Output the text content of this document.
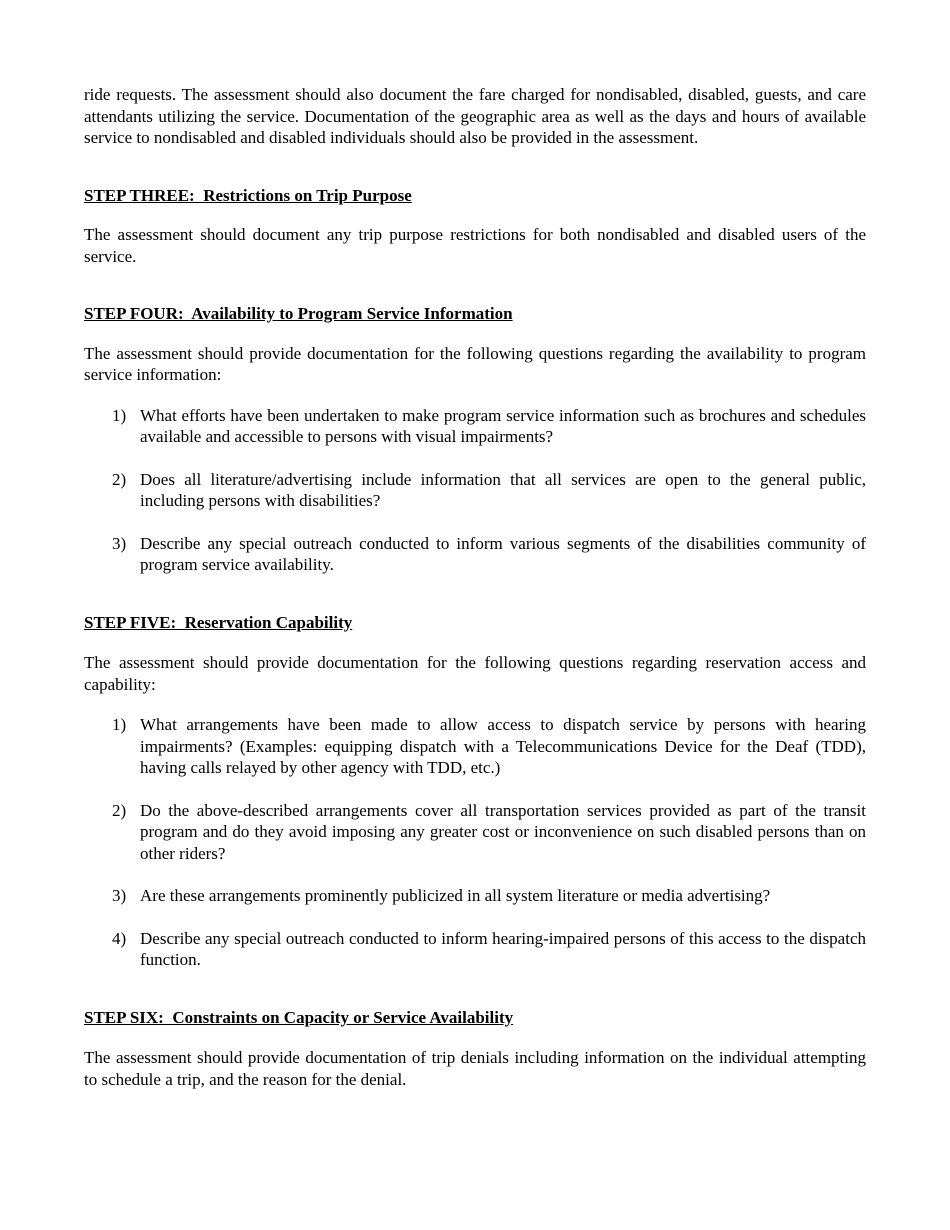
ride requests. The assessment should also document the fare charged for nondisabled, disabled, guests, and care attendants utilizing the service. Documentation of the geographic area as well as the days and hours of available service to nondisabled and disabled individuals should also be provided in the assessment.

STEP THREE:  Restrictions on Trip Purpose

The assessment should document any trip purpose restrictions for both nondisabled and disabled users of the service.

STEP FOUR:  Availability to Program Service Information

The assessment should provide documentation for the following questions regarding the availability to program service information:

1) What efforts have been undertaken to make program service information such as brochures and schedules available and accessible to persons with visual impairments?
2) Does all literature/advertising include information that all services are open to the general public, including persons with disabilities?
3) Describe any special outreach conducted to inform various segments of the disabilities community of program service availability.
STEP FIVE:  Reservation Capability

The assessment should provide documentation for the following questions regarding reservation access and capability:

1) What arrangements have been made to allow access to dispatch service by persons with hearing impairments? (Examples: equipping dispatch with a Telecommunications Device for the Deaf (TDD), having calls relayed by other agency with TDD, etc.)
2) Do the above-described arrangements cover all transportation services provided as part of the transit program and do they avoid imposing any greater cost or inconvenience on such disabled persons than on other riders?
3) Are these arrangements prominently publicized in all system literature or media advertising?
4) Describe any special outreach conducted to inform hearing-impaired persons of this access to the dispatch function.
STEP SIX:  Constraints on Capacity or Service Availability

The assessment should provide documentation of trip denials including information on the individual attempting to schedule a trip, and the reason for the denial.
